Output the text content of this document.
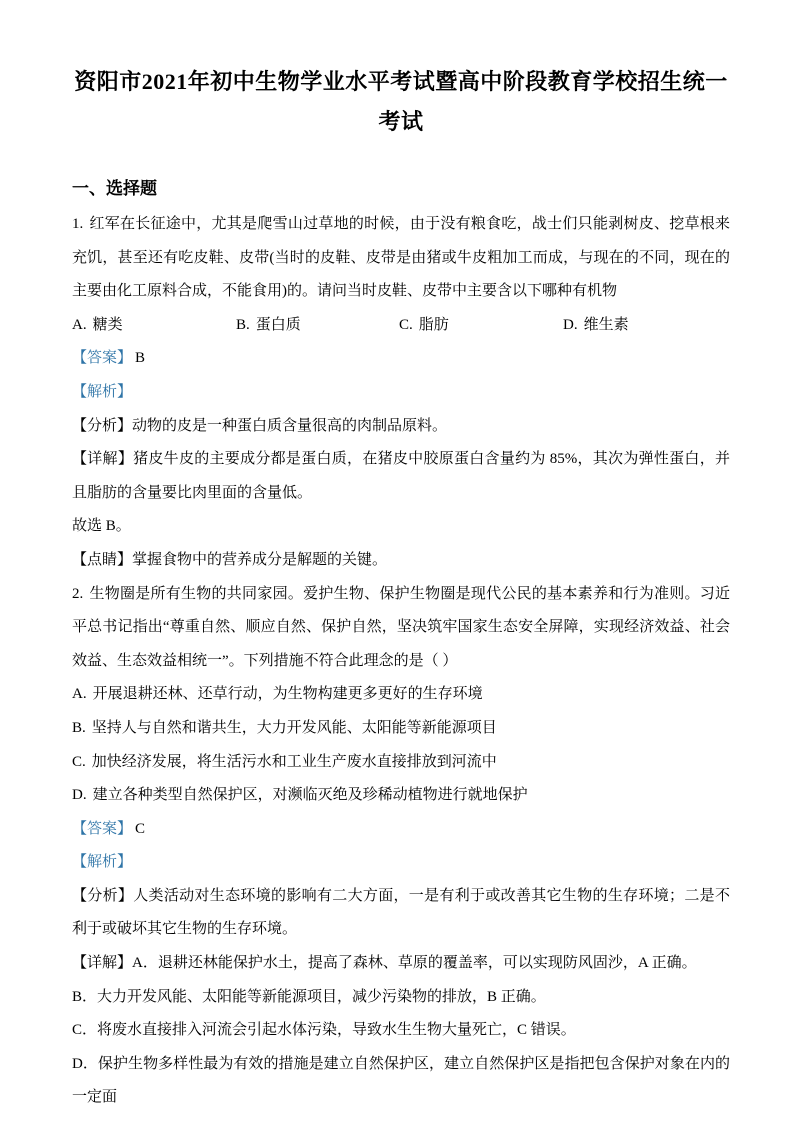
资阳市2021年初中生物学业水平考试暨高中阶段教育学校招生统一考试
一、选择题

1. 红军在长征途中，尤其是爬雪山过草地的时候，由于没有粮食吃，战士们只能剥树皮、挖草根来充饥，甚至还有吃皮鞋、皮带(当时的皮鞋、皮带是由猪或牛皮粗加工而成，与现在的不同，现在的主要由化工原料合成，不能食用)的。请问当时皮鞋、皮带中主要含以下哪种有机物

A. 糖类	B. 蛋白质	C. 脂肪	D. 维生素

【答案】 B

【解析】

【分析】动物的皮是一种蛋白质含量很高的肉制品原料。

【详解】猪皮牛皮的主要成分都是蛋白质，在猪皮中胶原蛋白含量约为 85%，其次为弹性蛋白，并且脂肪的含量要比肉里面的含量低。

故选 B。

【点睛】掌握食物中的营养成分是解题的关键。

2. 生物圈是所有生物的共同家园。爱护生物、保护生物圈是现代公民的基本素养和行为准则。习近平总书记指出“尊重自然、顺应自然、保护自然，坚决筑牢国家生态安全屏障，实现经济效益、社会效益、生态效益相统一”。下列措施不符合此理念的是（ ）

A. 开展退耕还林、还草行动，为生物构建更多更好的生存环境

B. 坚持人与自然和谐共生，大力开发风能、太阳能等新能源项目

C. 加快经济发展，将生活污水和工业生产废水直接排放到河流中

D. 建立各种类型自然保护区，对濒临灭绝及珍稀动植物进行就地保护

【答案】 C

【解析】

【分析】人类活动对生态环境的影响有二大方面，一是有利于或改善其它生物的生存环境；二是不利于或破坏其它生物的生存环境。

【详解】A．退耕还林能保护水土，提高了森林、草原的覆盖率，可以实现防风固沙，A 正确。

B．大力开发风能、太阳能等新能源项目，减少污染物的排放，B 正确。

C．将废水直接排入河流会引起水体污染，导致水生生物大量死亡，C 错误。

D．保护生物多样性最为有效的措施是建立自然保护区，建立自然保护区是指把包含保护对象在内的一定面
